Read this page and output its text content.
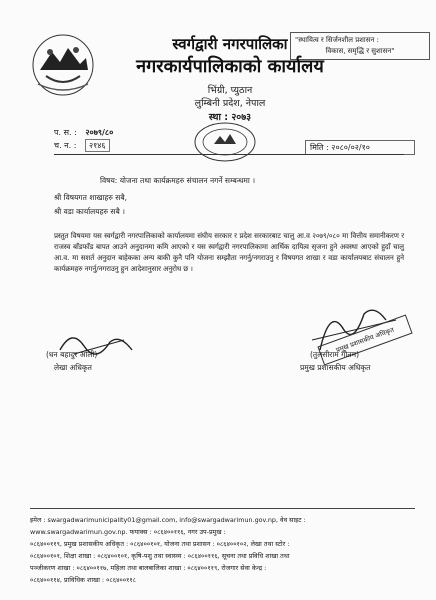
"स्थायित्व र सिर्जनशील प्रशासन :
विकास, समृद्धि र सुशासन"
स्वर्गद्वारी नगरपालिका
नगरकार्यपालिकाको कार्यालय
भिंग्री, प्युठान
लुम्बिनी प्रदेश, नेपाल
स्था : २०७३
प. स. : २०७९/८०
च. न. : २१४६	मिति : २०८०/०२/१०
विषय: योजना तथा कार्यक्रमहरु संचालन नगर्ने सम्बन्धमा ।
श्री विषयगत शाखाहरु सबै,
श्री वडा कार्यालयहरु सबै ।
प्रस्तुत विषयमा यस स्वर्गद्वारी नगरपालिकाको कार्यालयमा संघीय सरकार र प्रदेश सरकारबाट चालु आ.व २०७९/०८० मा वित्तीय समानीकरण र राजस्व बाँडफाँड बापत आउने अनुदानमा कमि आएको र यस स्वर्गद्वारी नगरपालिकामा आर्थिक दायित्व सृजना हुने अवस्था आएको हुदाँ चालु आ.व. मा सशर्त अनुदान बाहेकका अन्य बाकी कुनै पनि योजना सम्झौता नगर्नु/नगराउनु र विषयगत शाखा र वडा कार्यालयबाट संचालन हुने कार्यक्रमहरु नगर्नु/नगराउनु हुन आदेशानुसार अनुरोध छ ।
(धन बहादुर ओली)
लेखा अधिकृत
प्रमुख प्रशासकीय अधिकृत
(तुलसीराम गौतम)
प्रमुख प्रशासकीय अधिकृत
इमेल : swargadwarimunicipality01@gmail.com, info@swargadwarimun.gov.np, वेव साइट :
www.swargadwarimun.gov.np. फयाक्स : ०८६४००११६, नगर उप-प्रमुख :
०८६४००११९, प्रमुख प्रशासकीय अधिकृत : ०८६४००१०१, योजना तथा प्रशासन : ०८६४००१०२, लेखा तथा स्टोर :
०८६४००१०१, शिक्षा शाखा : ०८६४००१०१, कृषि-पशु तथा स्वास्थ्य : ०८६४००११६, सूचना तथा प्रविधि शाखा तथा
पञ्जीकरण शाखा : ०८६४००११७, महिला तथा बालबालिका शाखा : ०८६४००११९, रोजगार सेवा केन्द्र :
०८६४००११४, प्राविधिक शाखा : ०८६४००११८
